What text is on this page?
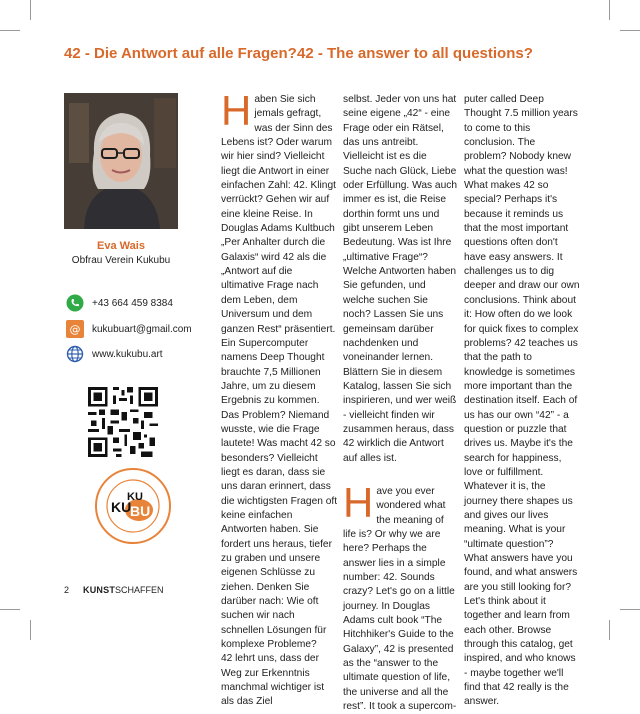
42 - Die Antwort auf alle Fragen? 42 - The answer to all questions?
Eva Wais
Obfrau Verein Kukubu
+43 664 459 8384
@ kukubuart@gmail.com
www.kukubu.art
KU
KU
BU

Haben Sie sich jemals gefragt, was der Sinn des Lebens ist? Oder warum wir hier sind? Vielleicht liegt die Antwort in einer einfachen Zahl: 42. Klingt verrückt? Gehen wir auf eine kleine Reise. In Douglas Adams Kultbuch „Per Anhalter durch die Galaxis“ wird 42 als die „Antwort auf die ultimative Frage nach dem Leben, dem Universum und dem ganzen Rest“ präsentiert. Ein Supercomputer namens Deep Thought brauchte 7,5 Millionen Jahre, um zu diesem Ergebnis zu kommen. Das Problem? Niemand wusste, wie die Frage lautete! Was macht 42 so besonders? Vielleicht liegt es daran, dass sie uns daran erinnert, dass die wichtigsten Fragen oft keine einfachen Antworten haben. Sie fordert uns heraus, tiefer zu graben und unsere eigenen Schlüsse zu ziehen. Denken Sie darüber nach: Wie oft suchen wir nach schnellen Lösungen für komplexe Probleme?

42 lehrt uns, dass der Weg zur Erkenntnis manchmal wichtiger ist als das Ziel

selbst. Jeder von uns hat seine eigene „42“ - eine Frage oder ein Rätsel, das uns antreibt. Vielleicht ist es die Suche nach Glück, Liebe oder Erfüllung. Was auch immer es ist, die Reise dorthin formt uns und gibt unserem Leben Bedeutung. Was ist Ihre „ultimative Frage“? Welche Antworten haben Sie gefunden, und welche suchen Sie noch? Lassen Sie uns gemeinsam darüber nachdenken und voneinander lernen. Blättern Sie in diesem Katalog, lassen Sie sich inspirieren, und wer weiß - vielleicht finden wir zusammen heraus, dass 42 wirklich die Antwort auf alles ist.

Have you ever wondered what the meaning of life is? Or why we are here? Perhaps the answer lies in a simple number: 42. Sounds crazy? Let's go on a little journey. In Douglas Adams cult book “The Hitchhiker's Guide to the Galaxy”, 42 is presented as the “answer to the ultimate question of life, the universe and all the rest”. It took a supercom-

puter called Deep Thought 7.5 million years to come to this conclusion. The problem? Nobody knew what the question was! What makes 42 so special? Perhaps it's because it reminds us that the most important questions often don't have easy answers. It challenges us to dig deeper and draw our own conclusions. Think about it: How often do we look for quick fixes to complex problems? 42 teaches us that the path to knowledge is sometimes more important than the destination itself. Each of us has our own “42” - a question or puzzle that drives us. Maybe it's the search for happiness, love or fulfillment. Whatever it is, the journey there shapes us and gives our lives meaning. What is your “ultimate question”? What answers have you found, and what answers are you still looking for? Let's think about it together and learn from each other. Browse through this catalog, get inspired, and who knows - maybe together we'll find that 42 really is the answer.

2 KUNSTSCHAFFEN
